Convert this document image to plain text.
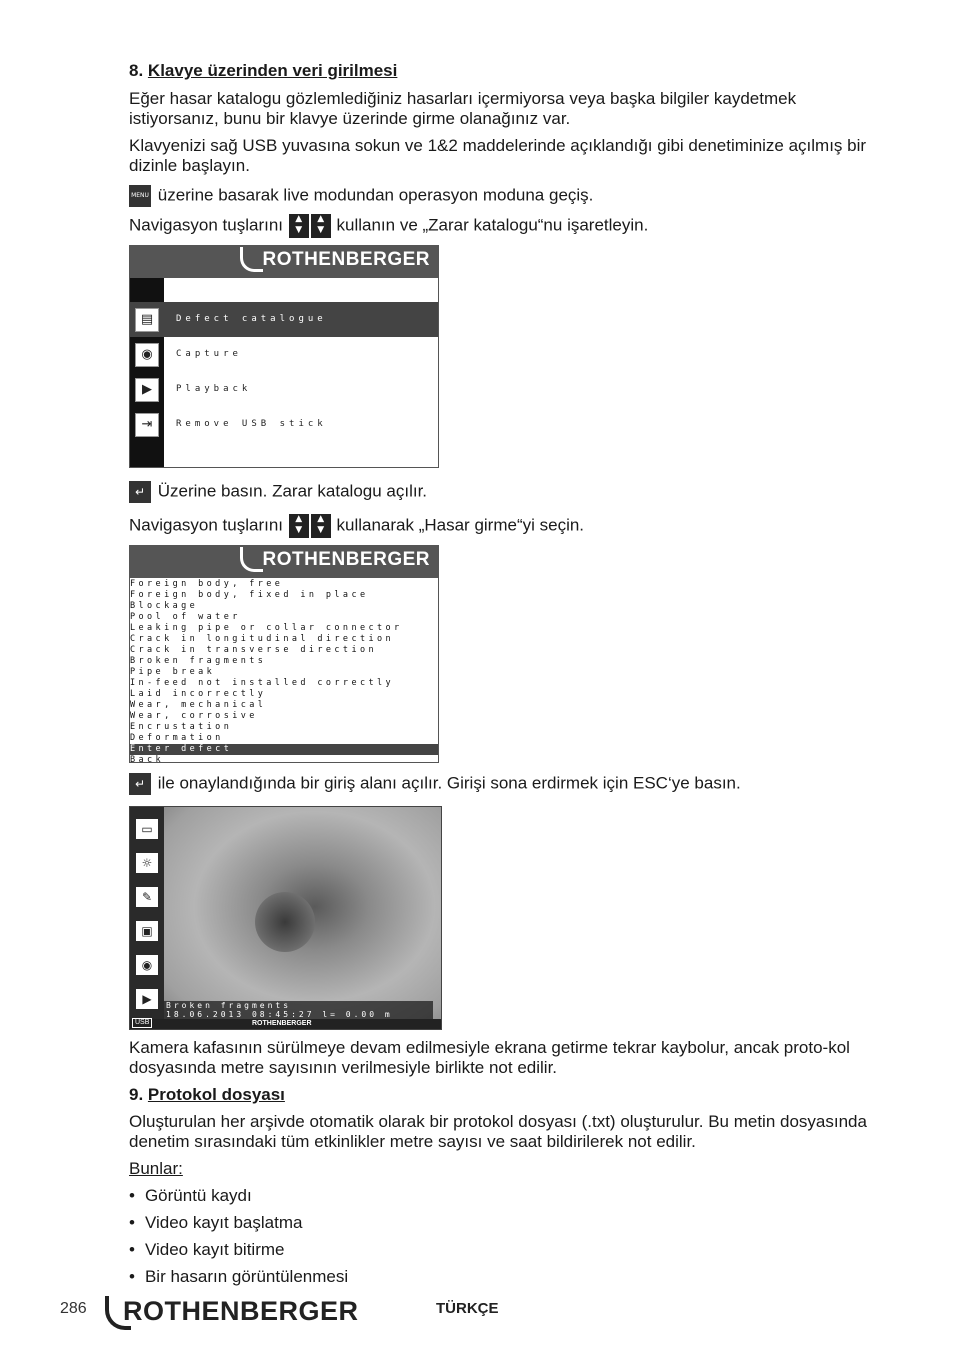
8. Klavye üzerinden veri girilmesi

Eğer hasar katalogu gözlemlediğiniz hasarları içermiyorsa veya başka bilgiler kaydetmek istiyorsanız, bunu bir klavye üzerinde girme olanağınız var.

Klavyenizi sağ USB yuvasına sokun ve 1&2 maddelerinde açıklandığı gibi denetiminize açılmış bir dizinle başlayın.

MENU üzerine basarak live modundan operasyon moduna geçiş.

Navigasyon tuşlarını ▲
▼▲
▼ kullanın ve „Zarar katalogu“nu işaretleyin.

ROTHENBERGER
▤	Defect catalogue
◉	Capture
▶	Playback
⇥	Remove USB stick

↵ Üzerine basın. Zarar katalogu açılır.

Navigasyon tuşlarını ▲
▼▲
▼ kullanarak „Hasar girme“yi seçin.

ROTHENBERGER
Foreign body, free
Foreign body, fixed in place
Blockage
Pool of water
Leaking pipe or collar connector
Crack in longitudinal direction
Crack in transverse direction
Broken fragments
Pipe break
In-feed not installed correctly
Laid incorrectly
Wear, mechanical
Wear, corrosive
Encrustation
Deformation
Enter defect
Back

↵ ile onaylandığında bir giriş alanı açılır. Girişi sona erdirmek için ESC‘ye basın.

▭
☼
✎
▣
◉
▶	Broken fragments
18.06.2013 08:45:27 l= 0.00 m
USB	ROTHENBERGER

Kamera kafasının sürülmeye devam edilmesiyle ekrana getirme tekrar kaybolur, ancak proto-kol dosyasında metre sayısının verilmesiyle birlikte not edilir.

9. Protokol dosyası

Oluşturulan her arşivde otomatik olarak bir protokol dosyası (.txt) oluşturulur. Bu metin dosyasında denetim sırasındaki tüm etkinlikler metre sayısı ve saat bildirilerek not edilir.

Bunlar:

• Görüntü kaydı
• Video kayıt başlatma
• Video kayıt bitirme
• Bir hasarın görüntülenmesi
286 ROTHENBERGER	TÜRKÇE
